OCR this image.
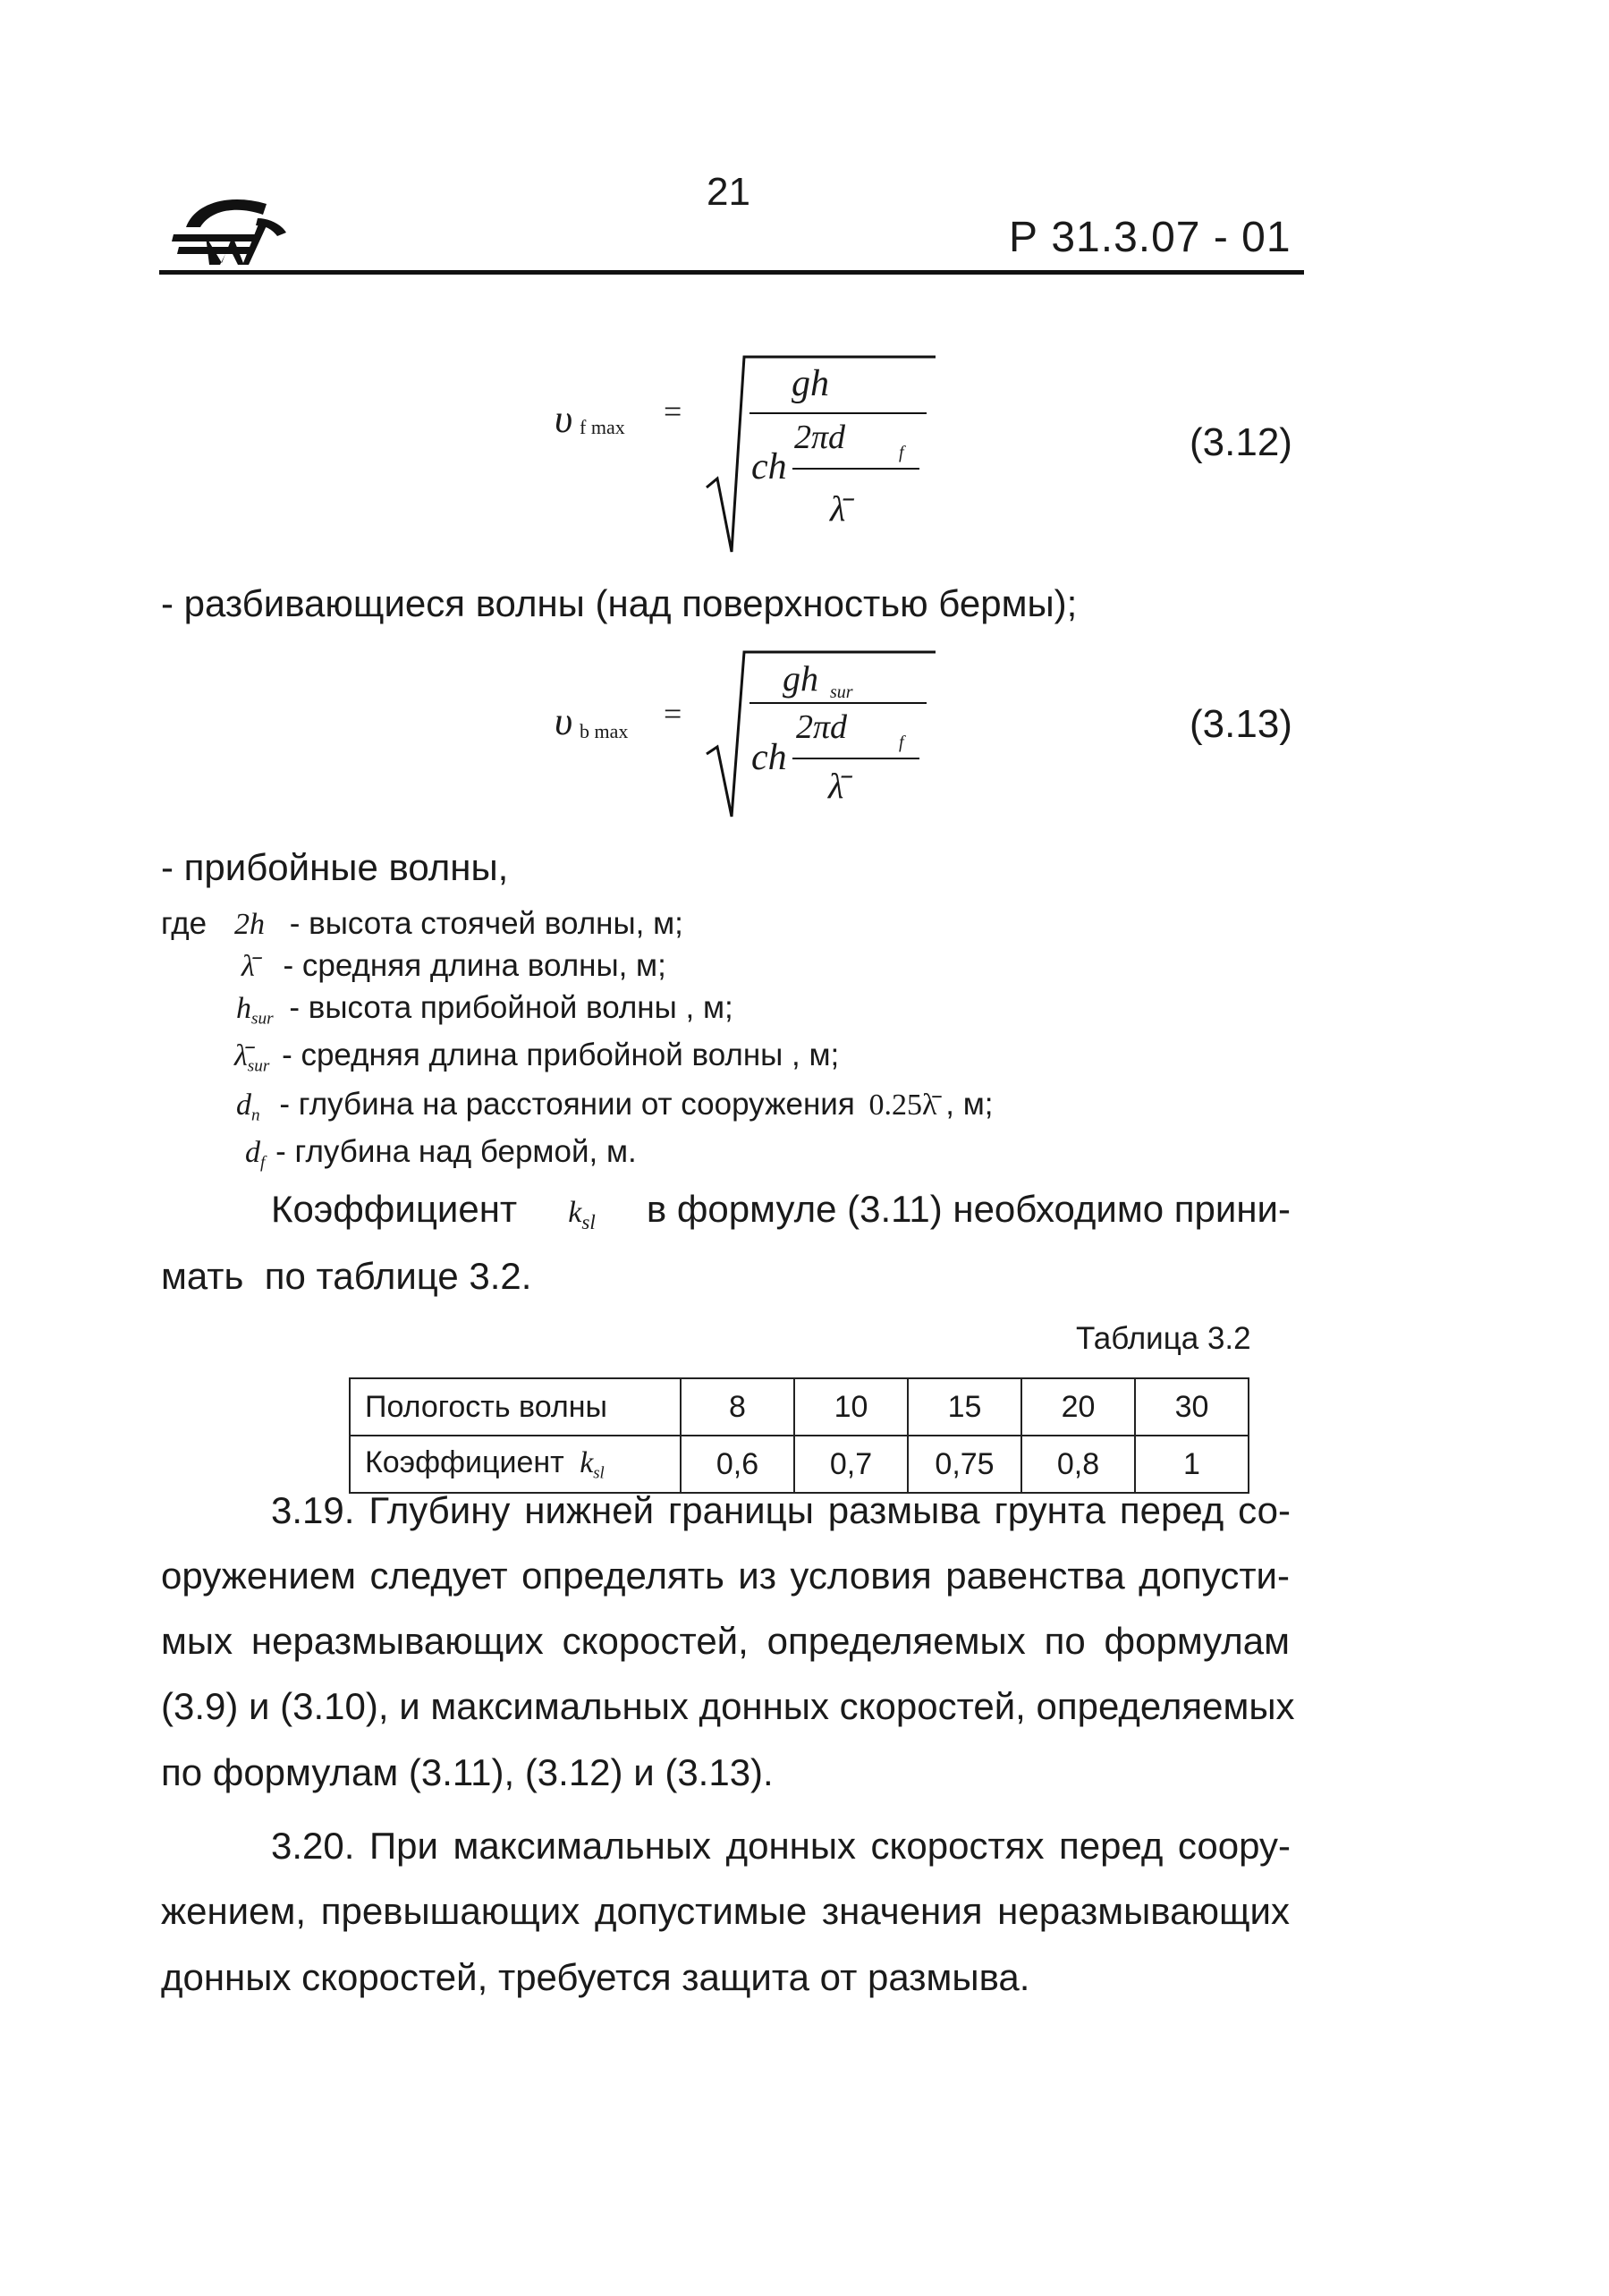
21
Р 31.3.07 - 01
υ f max =
gh
ch
2πd	f
λ̄
(3.12)
- разбивающиеся волны (над поверхностью бермы);
υ b max =
gh sur
ch
2πd	f
λ̄
(3.13)
- прибойные волны,
где 2h - высота стоячей волны, м;
λ̄ - средняя длина волны, м;
$h_{sur}$ - высота прибойной волны , м;
$\lambdā_{sur}$ - средняя длина прибойной волны , м;
$d_n$ - глубина на расстоянии от сооружения 0.25λ̄ , м;
$d_f$ - глубина над бермой, м.
Коэффициент $k_{sl}$ в формуле (3.11) необходимо прини-
мать  по таблице 3.2.
Таблица 3.2
Пологость волны	8	10	15	20	30
Коэффициент $k_{sl}$	0,6	0,7	0,75	0,8	1
3.19. Глубину нижней границы размыва грунта перед со-
оружением следует определять из условия равенства допусти-
мых неразмывающих скоростей, определяемых по формулам
(3.9) и (3.10), и максимальных донных скоростей, определяемых
по формулам (3.11), (3.12) и (3.13).
3.20. При максимальных донных скоростях перед соору-
жением, превышающих допустимые значения неразмывающих
донных скоростей, требуется защита от размыва.
